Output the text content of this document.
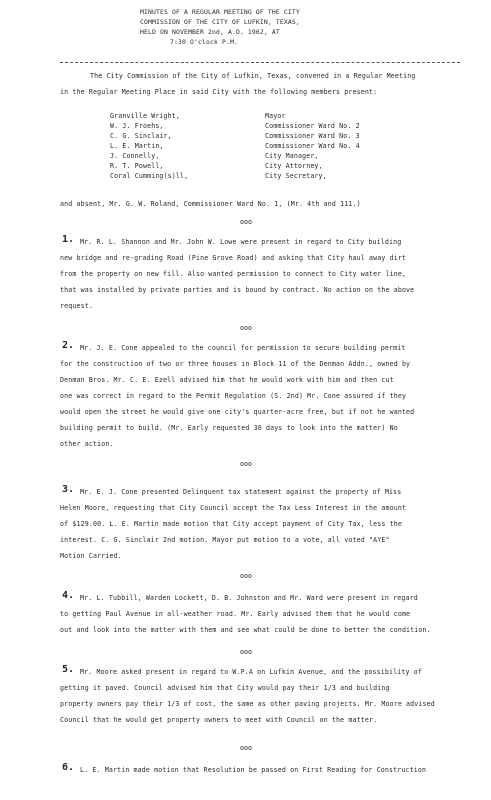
MINUTES OF A REGULAR MEETING OF THE CITY
COMMISSION OF THE CITY OF LUFKIN, TEXAS,
HELD ON NOVEMBER 2nd, A.D. 1962, AT
7:30 O'clock P.M.
The City Commission of the City of Lufkin, Texas, convened in a Regular Meeting
in the Regular Meeting Place in said City with the following members present:
Granville Wright,	Mayor
W. J. Froehs,	Commissioner Ward No. 2
C. G. Sinclair,	Commissioner Ward No. 3
L. E. Martin,	Commissioner Ward No. 4
J. Connelly,	City Manager,
R. T. Powell,	City Attorney,
Coral Cumming(s)ll,	City Secretary,
and absent, Mr. G. W. Roland, Commissioner Ward No. 1, (Mr. 4th and 111.)
ooo
1. Mr. R. L. Shannon and Mr. John W. Lowe were present in regard to City building
new bridge and re-grading Road (Pine Grove Road) and asking that City haul away dirt
from the property on new fill. Also wanted permission to connect to City water line,
that was installed by private parties and is bound by contract. No action on the above
request.
ooo
2. Mr. J. E. Cone appealed to the council for permission to secure building permit
for the construction of two or three houses in Block 11 of the Denman Addn., owned by
Denman Bros. Mr. C. E. Ezell advised him that he would work with him and then cut
one was correct in regard to the Permit Regulation (S. 2nd) Mr. Cone assured if they
would open the street he would give one city's quarter-acre free, but if not he wanted
building permit to build. (Mr. Early requested 30 days to look into the matter) No
other action.
ooo
3. Mr. E. J. Cone presented Delinquent tax statement against the property of Miss
Helen Moore, requesting that City Council accept the Tax Less Interest in the amount
of $129.00. L. E. Martin made motion that City accept payment of City Tax, less the
interest. C. G. Sinclair 2nd motion. Mayor put motion to a vote, all voted "AYE"
Motion Carried.
ooo
4. Mr. L. Tubbill, Warden Lockett, D. B. Johnston and Mr. Ward were present in regard
to getting Paul Avenue in all-weather road. Mr. Early advised them that he would come
out and look into the matter with them and see what could be done to better the condition.
ooo
5. Mr. Moore asked present in regard to W.P.A on Lufkin Avenue, and the possibility of
getting it paved. Council advised him that City would pay their 1/3 and building
property owners pay their 1/3 of cost, the same as other paving projects. Mr. Moore advised
Council that he would get property owners to meet with Council on the matter.
ooo
6. L. E. Martin made motion that Resolution be passed on First Reading for Construction
